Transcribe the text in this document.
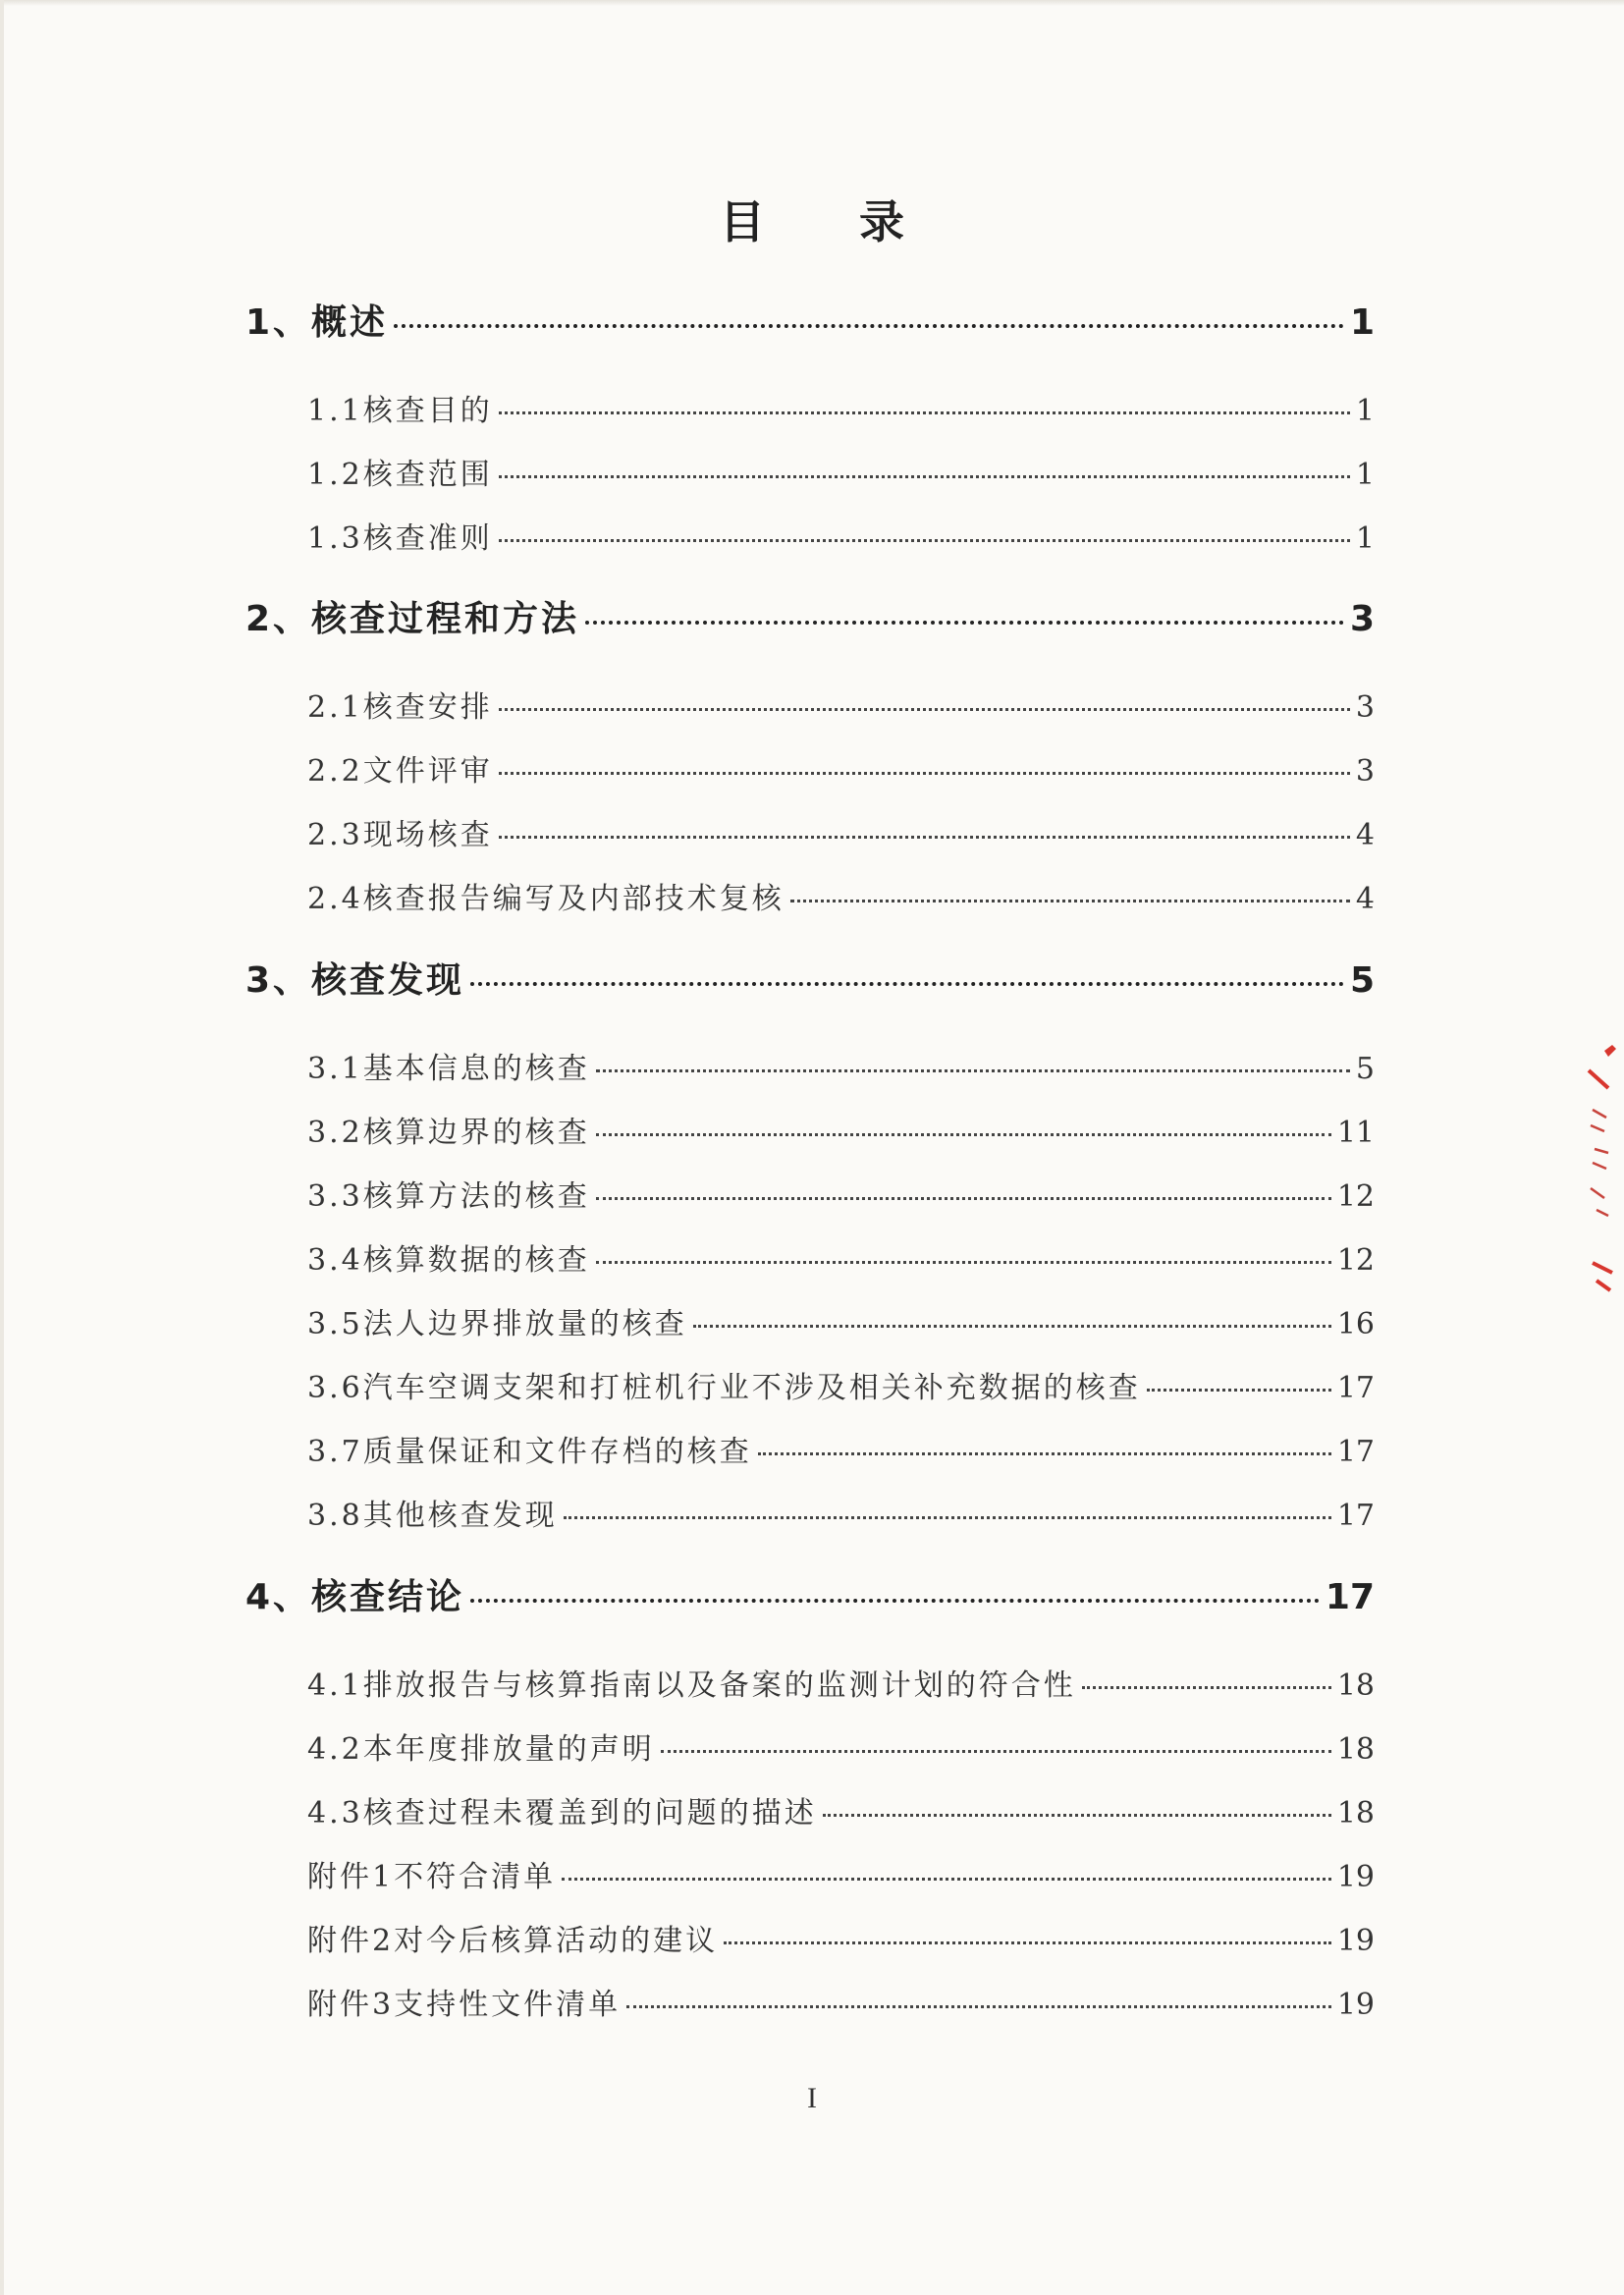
目 录
1、概述	1
1.1核查目的	1
1.2核查范围	1
1.3核查准则	1
2、核查过程和方法	3
2.1核查安排	3
2.2文件评审	3
2.3现场核查	4
2.4核查报告编写及内部技术复核	4
3、核查发现	5
3.1基本信息的核查	5
3.2核算边界的核查	11
3.3核算方法的核查	12
3.4核算数据的核查	12
3.5法人边界排放量的核查	16
3.6汽车空调支架和打桩机行业不涉及相关补充数据的核查	17
3.7质量保证和文件存档的核查	17
3.8其他核查发现	17
4、核查结论	17
4.1排放报告与核算指南以及备案的监测计划的符合性	18
4.2本年度排放量的声明	18
4.3核查过程未覆盖到的问题的描述	18
附件1不符合清单	19
附件2对今后核算活动的建议	19
附件3支持性文件清单	19
I
